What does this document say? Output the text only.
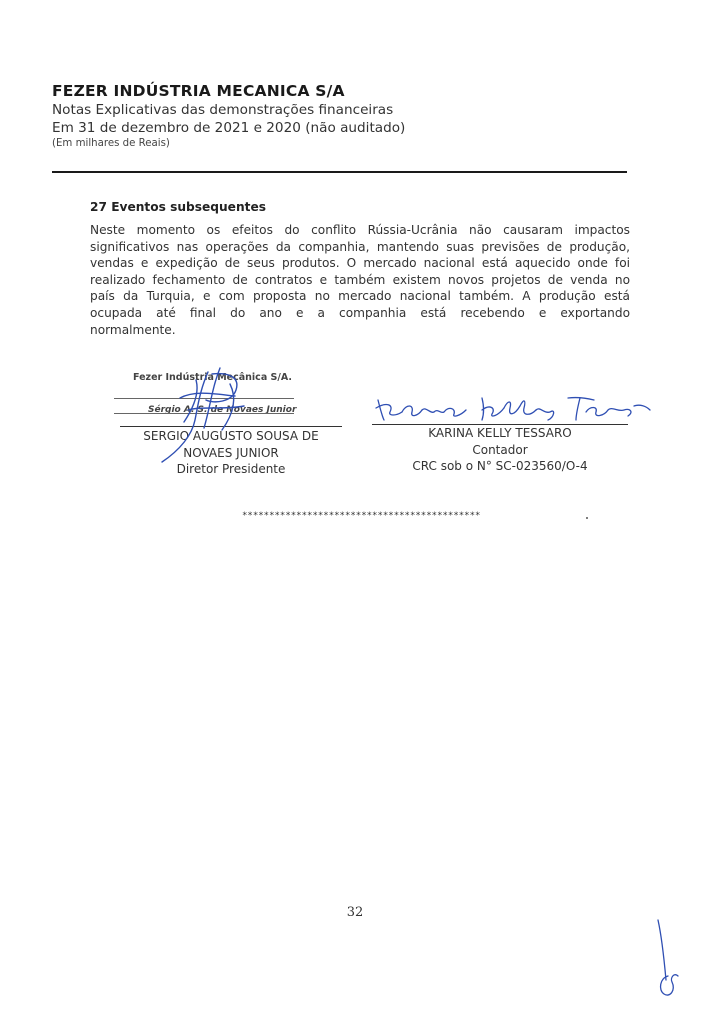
FEZER INDÚSTRIA MECANICA S/A
Notas Explicativas das demonstrações financeiras
Em 31 de dezembro de 2021 e 2020 (não auditado)
(Em milhares de Reais)
27 Eventos subsequentes
Neste momento os efeitos do conflito Rússia-Ucrânia não causaram impactos
significativos nas operações da companhia, mantendo suas previsões de produção,
vendas e expedição de seus produtos. O mercado nacional está aquecido onde foi
realizado fechamento de contratos e também existem novos projetos de venda no
país da Turquia, e com proposta no mercado nacional também. A produção está
ocupada até final do ano e a companhia está recebendo e exportando
normalmente.
Fezer Indústria Mecânica S/A.
Sérgio A. S. de Novaes Junior
SERGIO AUGUSTO SOUSA DE
NOVAES JUNIOR
Diretor Presidente
KARINA KELLY TESSARO
Contador
CRC sob o N° SC-023560/O-4
********************************************
32
